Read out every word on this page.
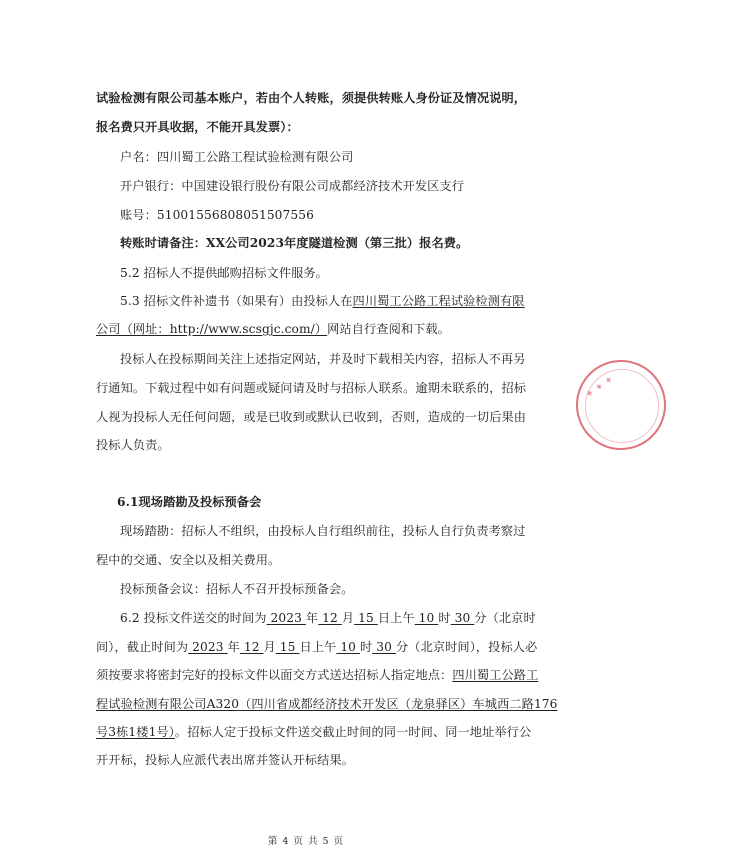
试验检测有限公司基本账户，若由个人转账，须提供转账人身份证及情况说明，
报名费只开具收据，不能开具发票）：
户名：四川蜀工公路工程试验检测有限公司
开户银行：中国建设银行股份有限公司成都经济技术开发区支行
账号：51001556808051507556
转账时请备注：XX公司2023年度隧道检测（第三批）报名费。
5.2 招标人不提供邮购招标文件服务。
5.3 招标文件补遗书（如果有）由投标人在四川蜀工公路工程试验检测有限
公司（网址：http://www.scsgjc.com/）网站自行查阅和下载。
投标人在投标期间关注上述指定网站，并及时下载相关内容，招标人不再另
行通知。下载过程中如有问题或疑问请及时与招标人联系。逾期未联系的，招标
人视为投标人无任何问题，或是已收到或默认已收到，否则，造成的一切后果由
投标人负责。
6.1现场踏勘及投标预备会
现场踏勘：招标人不组织，由投标人自行组织前往，投标人自行负责考察过
程中的交通、安全以及相关费用。
投标预备会议：招标人不召开投标预备会。
6.2 投标文件送交的时间为 2023 年 12 月 15 日上午 10 时 30 分（北京时
间），截止时间为 2023 年 12 月 15 日上午 10 时 30 分（北京时间），投标人必
须按要求将密封完好的投标文件以面交方式送达招标人指定地点：四川蜀工公路工
程试验检测有限公司A320（四川省成都经济技术开发区（龙泉驿区）车城西二路176
号3栋1楼1号）。招标人定于投标文件送交截止时间的同一时间、同一地址举行公
开开标，投标人应派代表出席并签认开标结果。
第 4 页 共 5 页
✦ ✦ ✦
